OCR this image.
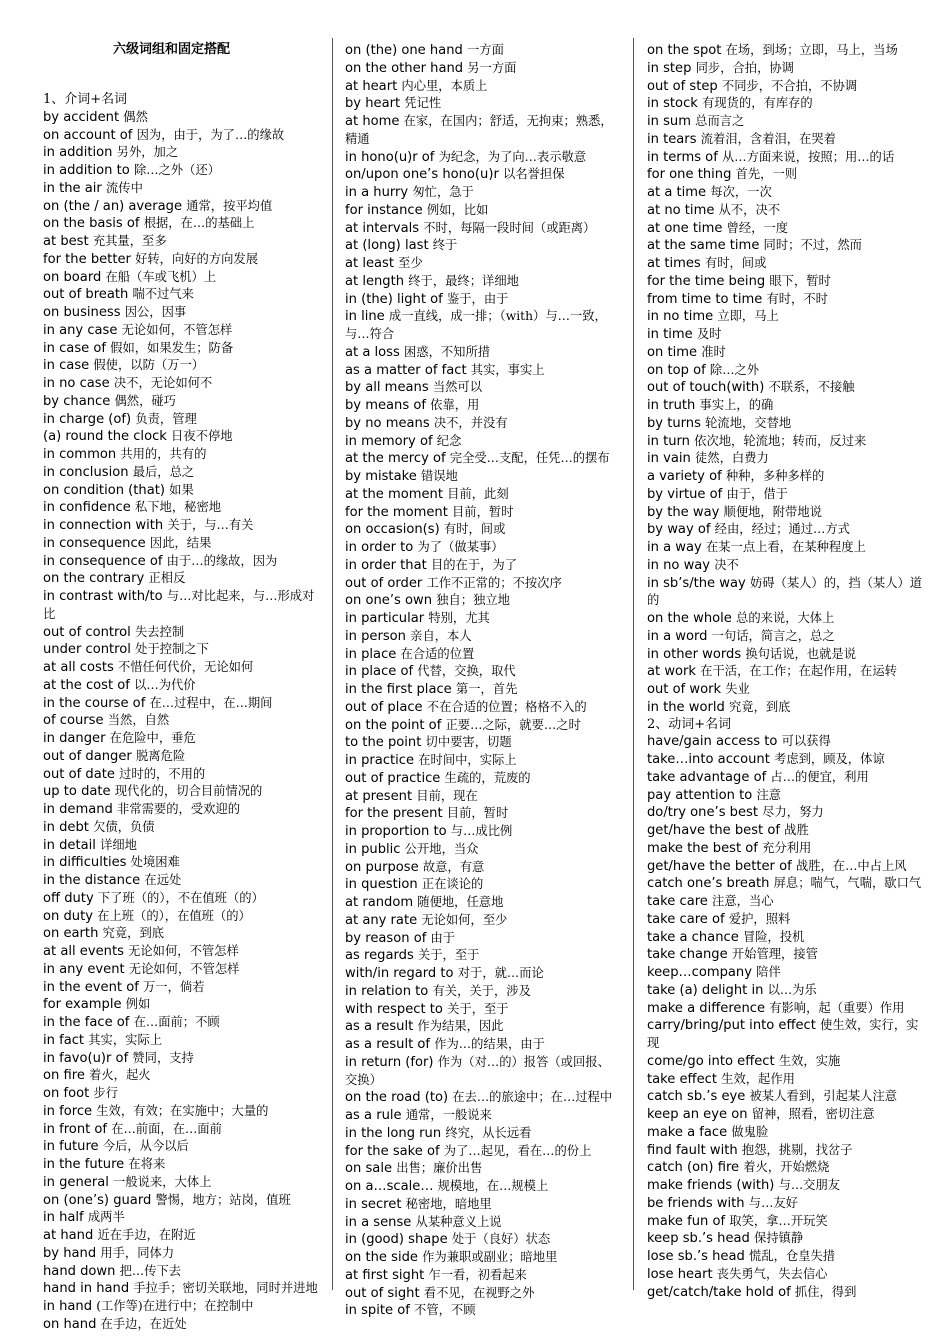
六级词组和固定搭配
1、介词+名词
by accident 偶然
on account of 因为，由于，为了…的缘故
in addition 另外，加之
in addition to 除…之外（还）
in the air 流传中
on (the / an) average 通常，按平均值
on the basis of 根据，在…的基础上
at best 充其量，至多
for the better 好转，向好的方向发展
on board 在船（车或飞机）上
out of breath 喘不过气来
on business 因公，因事
in any case 无论如何，不管怎样
in case of 假如，如果发生；防备
in case 假使，以防（万一）
in no case 决不，无论如何不
by chance 偶然，碰巧
in charge (of) 负责，管理
(a) round the clock 日夜不停地
in common 共用的，共有的
in conclusion 最后，总之
on condition (that) 如果
in confidence 私下地，秘密地
in connection with 关于，与…有关
in consequence 因此，结果
in consequence of 由于…的缘故，因为
on the contrary 正相反
in contrast with/to 与…对比起来，与…形成对比
out of control 失去控制
under control 处于控制之下
at all costs 不惜任何代价，无论如何
at the cost of 以…为代价
in the course of 在…过程中，在…期间
of course 当然，自然
in danger 在危险中，垂危
out of danger 脱离危险
out of date 过时的，不用的
up to date 现代化的，切合目前情况的
in demand 非常需要的，受欢迎的
in debt 欠债，负债
in detail 详细地
in difficulties 处境困难
in the distance 在远处
off duty 下了班（的），不在值班（的）
on duty 在上班（的），在值班（的）
on earth 究竟，到底
at all events 无论如何，不管怎样
in any event 无论如何，不管怎样
in the event of 万一，倘若
for example 例如
in the face of 在…面前；不顾
in fact 其实，实际上
in favo(u)r of 赞同，支持
on fire 着火，起火
on foot 步行
in force 生效，有效；在实施中；大量的
in front of 在…前面，在…面前
in future 今后，从今以后
in the future 在将来
in general 一般说来，大体上
on (one’s) guard 警惕，地方；站岗，值班
in half 成两半
at hand 近在手边，在附近
by hand 用手，同体力
hand down 把…传下去
hand in hand 手拉手；密切关联地，同时并进地
in hand (工作等)在进行中；在控制中
on hand 在手边，在近处
on (the) one hand 一方面
on the other hand 另一方面
at heart 内心里，本质上
by heart 凭记性
at home 在家，在国内；舒适，无拘束；熟悉，精通
in hono(u)r of 为纪念，为了向…表示敬意
on/upon one’s hono(u)r 以名誉担保
in a hurry 匆忙，急于
for instance 例如，比如
at intervals 不时，每隔一段时间（或距离）
at (long) last 终于
at least 至少
at length 终于，最终；详细地
in (the) light of 鉴于，由于
in line 成一直线，成一排；（with）与…一致，与…符合
at a loss 困惑，不知所措
as a matter of fact 其实，事实上
by all means 当然可以
by means of 依靠，用
by no means 决不，并没有
in memory of 纪念
at the mercy of 完全受…支配，任凭…的摆布
by mistake 错误地
at the moment 目前，此刻
for the moment 目前，暂时
on occasion(s) 有时，间或
in order to 为了（做某事）
in order that 目的在于，为了
out of order 工作不正常的；不按次序
on one’s own 独自；独立地
in particular 特别，尤其
in person 亲自，本人
in place 在合适的位置
in place of 代替，交换，取代
in the first place 第一，首先
out of place 不在合适的位置；格格不入的
on the point of 正要…之际，就要…之时
to the point 切中要害，切题
in practice 在时间中，实际上
out of practice 生疏的，荒废的
at present 目前，现在
for the present 目前，暂时
in proportion to 与…成比例
in public 公开地，当众
on purpose 故意，有意
in question 正在谈论的
at random 随便地，任意地
at any rate 无论如何，至少
by reason of 由于
as regards 关于，至于
with/in regard to 对于，就…而论
in relation to 有关，关于，涉及
with respect to 关于，至于
as a result 作为结果，因此
as a result of 作为…的结果，由于
in return (for) 作为（对…的）报答（或回报、交换）
on the road (to) 在去…的旅途中；在…过程中
as a rule 通常，一般说来
in the long run 终究，从长远看
for the sake of 为了…起见，看在…的份上
on sale 出售；廉价出售
on a…scale… 规模地，在…规模上
in secret 秘密地，暗地里
in a sense 从某种意义上说
in (good) shape 处于（良好）状态
on the side 作为兼职或副业；暗地里
at first sight 乍一看，初看起来
out of sight 看不见，在视野之外
in spite of 不管，不顾
on the spot 在场，到场；立即，马上，当场
in step 同步，合拍，协调
out of step 不同步，不合拍，不协调
in stock 有现货的，有库存的
in sum 总而言之
in tears 流着泪，含着泪，在哭着
in terms of 从…方面来说，按照；用…的话
for one thing 首先，一则
at a time 每次，一次
at no time 从不，决不
at one time 曾经，一度
at the same time 同时；不过，然而
at times 有时，间或
for the time being 眼下，暂时
from time to time 有时，不时
in no time 立即，马上
in time 及时
on time 准时
on top of 除…之外
out of touch(with) 不联系，不接触
in truth 事实上，的确
by turns 轮流地，交替地
in turn 依次地，轮流地；转而，反过来
in vain 徒然，白费力
a variety of 种种，多种多样的
by virtue of 由于，借于
by the way 顺便地，附带地说
by way of 经由，经过；通过…方式
in a way 在某一点上看，在某种程度上
in no way 决不
in sb’s/the way 妨碍（某人）的，挡（某人）道的
on the whole 总的来说，大体上
in a word 一句话，简言之，总之
in other words 换句话说，也就是说
at work 在干活，在工作；在起作用，在运转
out of work 失业
in the world 究竟，到底
2、动词+名词
have/gain access to 可以获得
take…into account 考虑到，顾及，体谅
take advantage of 占…的便宜，利用
pay attention to 注意
do/try one’s best 尽力，努力
get/have the best of 战胜
make the best of 充分利用
get/have the better of 战胜，在…中占上风
catch one’s breath 屏息；喘气，气喘，歇口气
take care 注意，当心
take care of 爱护，照料
take a chance 冒险，投机
take change 开始管理，接管
keep…company 陪伴
take (a) delight in 以…为乐
make a difference 有影响，起（重要）作用
carry/bring/put into effect 使生效，实行，实现
come/go into effect 生效，实施
take effect 生效，起作用
catch sb.’s eye 被某人看到，引起某人注意
keep an eye on 留神，照看，密切注意
make a face 做鬼脸
find fault with 抱怨，挑剔，找岔子
catch (on) fire 着火，开始燃烧
make friends (with) 与…交朋友
be friends with 与…友好
make fun of 取笑，拿…开玩笑
keep sb.’s head 保持镇静
lose sb.’s head 慌乱，仓皇失措
lose heart 丧失勇气，失去信心
get/catch/take hold of 抓住，得到
